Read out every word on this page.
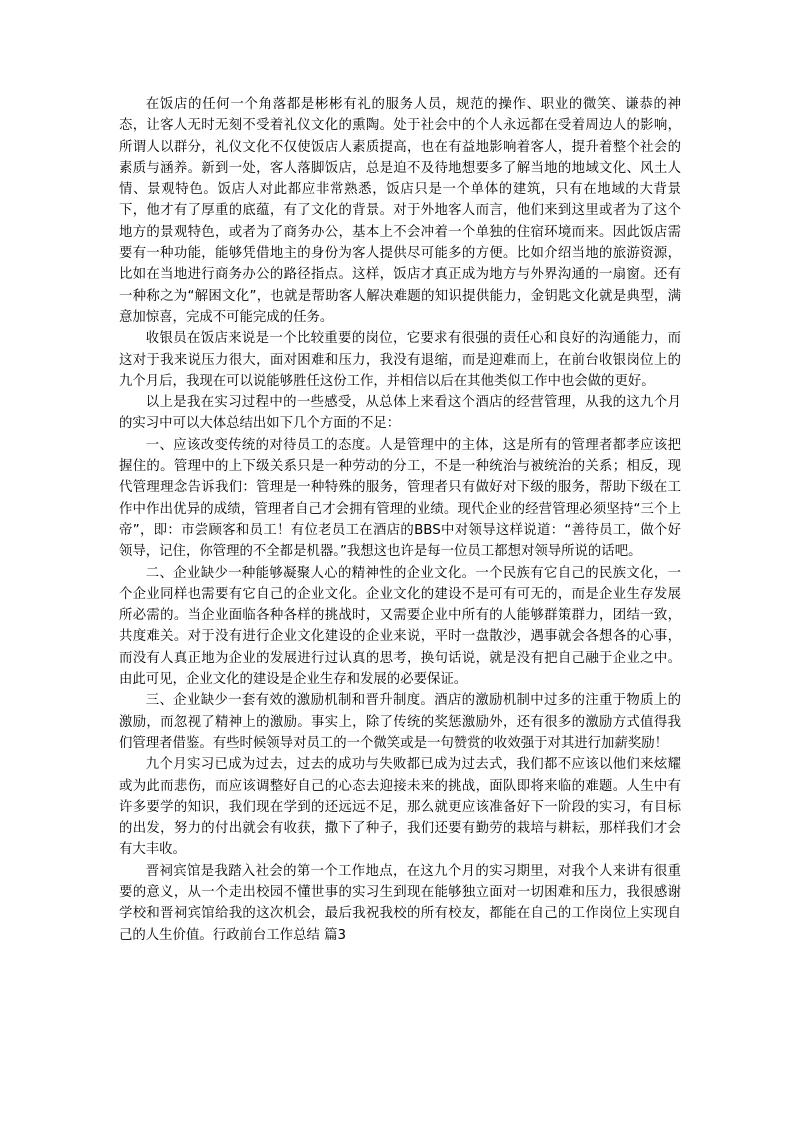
在饭店的任何一个角落都是彬彬有礼的服务人员，规范的操作、职业的微笑、谦恭的神态，让客人无时无刻不受着礼仪文化的熏陶。处于社会中的个人永远都在受着周边人的影响，所谓人以群分，礼仪文化不仅使饭店人素质提高，也在有益地影响着客人，提升着整个社会的素质与涵养。新到一处，客人落脚饭店，总是迫不及待地想要多了解当地的地域文化、风土人情、景观特色。饭店人对此都应非常熟悉，饭店只是一个单体的建筑，只有在地域的大背景下，他才有了厚重的底蕴，有了文化的背景。对于外地客人而言，他们来到这里或者为了这个地方的景观特色，或者为了商务办公，基本上不会冲着一个单独的住宿环境而来。因此饭店需要有一种功能，能够凭借地主的身份为客人提供尽可能多的方便。比如介绍当地的旅游资源，比如在当地进行商务办公的路径指点。这样，饭店才真正成为地方与外界沟通的一扇窗。还有一种称之为“解困文化”，也就是帮助客人解决难题的知识提供能力，金钥匙文化就是典型，满意加惊喜，完成不可能完成的任务。

收银员在饭店来说是一个比较重要的岗位，它要求有很强的责任心和良好的沟通能力，而这对于我来说压力很大，面对困难和压力，我没有退缩，而是迎难而上，在前台收银岗位上的九个月后，我现在可以说能够胜任这份工作，并相信以后在其他类似工作中也会做的更好。

以上是我在实习过程中的一些感受，从总体上来看这个酒店的经营管理，从我的这九个月的实习中可以大体总结出如下几个方面的不足：

一、应该改变传统的对待员工的态度。人是管理中的主体，这是所有的管理者都孝应该把握住的。管理中的上下级关系只是一种劳动的分工，不是一种统治与被统治的关系；相反，现代管理理念告诉我们：管理是一种特殊的服务，管理者只有做好对下级的服务，帮助下级在工作中作出优异的成绩，管理者自己才会拥有管理的业绩。现代企业的经营管理必须坚持“三个上帝”，即：市尝顾客和员工！有位老员工在酒店的BBS中对领导这样说道：“善待员工，做个好领导，记住，你管理的不全都是机器。”我想这也许是每一位员工都想对领导所说的话吧。

二、企业缺少一种能够凝聚人心的精神性的企业文化。一个民族有它自己的民族文化，一个企业同样也需要有它自己的企业文化。企业文化的建设不是可有可无的，而是企业生存发展所必需的。当企业面临各种各样的挑战时，又需要企业中所有的人能够群策群力，团结一致，共度难关。对于没有进行企业文化建设的企业来说，平时一盘散沙，遇事就会各想各的心事，而没有人真正地为企业的发展进行过认真的思考，换句话说，就是没有把自己融于企业之中。由此可见，企业文化的建设是企业生存和发展的必要保证。

三、企业缺少一套有效的激励机制和晋升制度。酒店的激励机制中过多的注重于物质上的激励，而忽视了精神上的激励。事实上，除了传统的奖惩激励外，还有很多的激励方式值得我们管理者借鉴。有些时候领导对员工的一个微笑或是一句赞赏的收效强于对其进行加薪奖励！

九个月实习已成为过去，过去的成功与失败都已成为过去式，我们都不应该以他们来炫耀或为此而悲伤，而应该调整好自己的心态去迎接未来的挑战，面队即将来临的难题。人生中有许多要学的知识，我们现在学到的还远远不足，那么就更应该准备好下一阶段的实习，有目标的出发，努力的付出就会有收获，撒下了种子，我们还要有勤劳的栽培与耕耘，那样我们才会有大丰收。

晋祠宾馆是我踏入社会的第一个工作地点，在这九个月的实习期里，对我个人来讲有很重要的意义，从一个走出校园不懂世事的实习生到现在能够独立面对一切困难和压力，我很感谢学校和晋祠宾馆给我的这次机会，最后我祝我校的所有校友，都能在自己的工作岗位上实现自己的人生价值。行政前台工作总结 篇3
